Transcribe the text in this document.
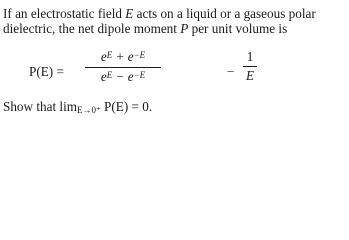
If an electrostatic field E acts on a liquid or a gaseous polar
dielectric, the net dipole moment P per unit volume is
P(E) =
$e^E + e^{-E}$
$e^E - e^{-E}$	−
1
E
Show that $\lim_{E\to 0^+} P(E) = 0$.
